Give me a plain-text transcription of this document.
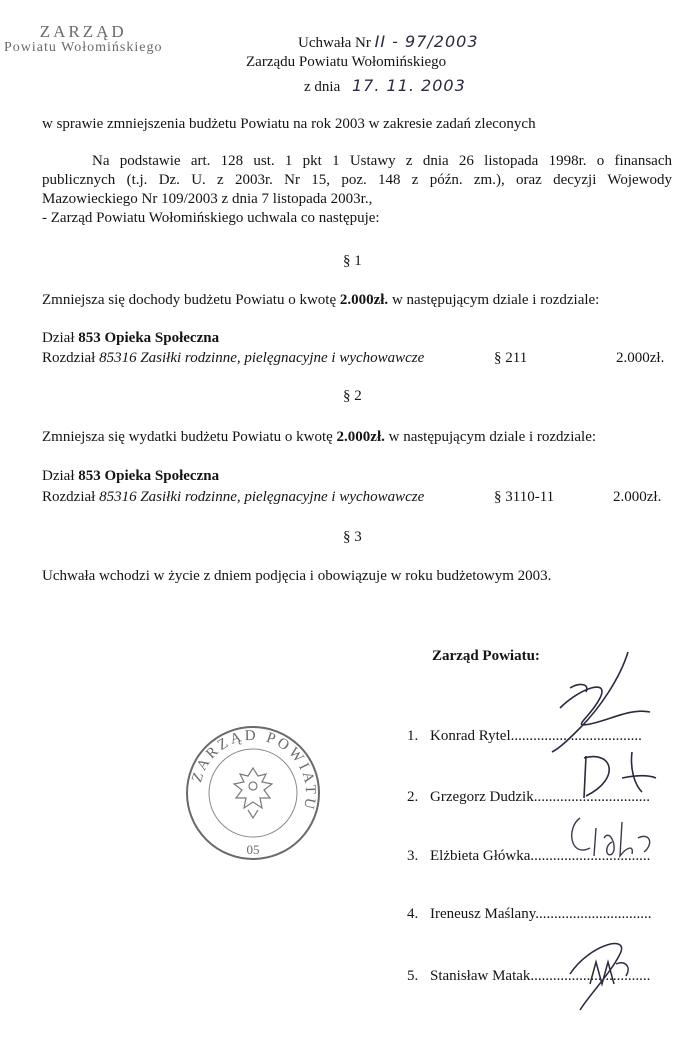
ZARZĄD
Powiatu Wołomińskiego	Uchwała Nr II - 97/2003
Zarządu Powiatu Wołomińskiego
z dnia 17. 11. 2003
w sprawie zmniejszenia budżetu Powiatu na rok 2003 w zakresie zadań zleconych
Na podstawie art. 128 ust. 1 pkt 1 Ustawy z dnia 26 listopada 1998r. o finansach
publicznych (t.j. Dz. U. z 2003r. Nr 15, poz. 148 z późn. zm.), oraz decyzji Wojewody
Mazowieckiego Nr 109/2003 z dnia 7 listopada 2003r.,
- Zarząd Powiatu Wołomińskiego uchwala co następuje:
§ 1
Zmniejsza się dochody budżetu Powiatu o kwotę 2.000zł. w następującym dziale i rozdziale:
Dział 853 Opieka Społeczna
Rozdział 85316 Zasiłki rodzinne, pielęgnacyjne i wychowawcze	§ 211	2.000zł.
§ 2
Zmniejsza się wydatki budżetu Powiatu o kwotę 2.000zł. w następującym dziale i rozdziale:
Dział 853 Opieka Społeczna
Rozdział 85316 Zasiłki rodzinne, pielęgnacyjne i wychowawcze	§ 3110-11	2.000zł.
§ 3
Uchwała wchodzi w życie z dniem podjęcia i obowiązuje w roku budżetowym 2003.
Zarząd Powiatu:
1. Konrad Rytel...................................
2. Grzegorz Dudzik...............................
3. Elżbieta Główka................................
4. Ireneusz Maślany...............................
5. Stanisław Matak................................
ZARZĄD POWIATU
05
